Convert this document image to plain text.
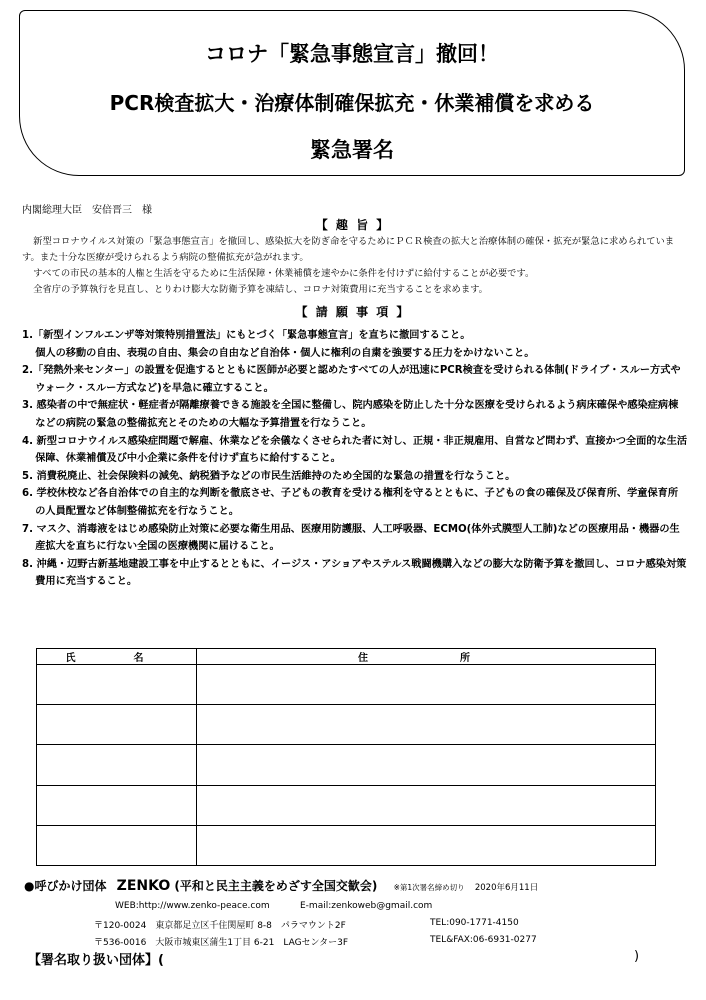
コロナ「緊急事態宣言」撤回！
PCR検査拡大・治療体制確保拡充・休業補償を求める
緊急署名
内閣総理大臣　安倍晋三　様
【 趣 旨 】

新型コロナウイルス対策の「緊急事態宣言」を撤回し、感染拡大を防ぎ命を守るためにＰＣＲ検査の拡大と治療体制の確保・拡充が緊急に求められています。また十分な医療が受けられるよう病院の整備拡充が急がれます。

すべての市民の基本的人権と生活を守るために生活保障・休業補償を速やかに条件を付けずに給付することが必要です。

全省庁の予算執行を見直し、とりわけ膨大な防衛予算を凍結し、コロナ対策費用に充当することを求めます。

【 請 願 事 項 】
1.「新型インフルエンザ等対策特別措置法」にもとづく「緊急事態宣言」を直ちに撤回すること。
個人の移動の自由、表現の自由、集会の自由など自治体・個人に権利の自粛を強要する圧力をかけないこと。
2.「発熱外来センター」の設置を促進するとともに医師が必要と認めたすべての人が迅速にPCR検査を受けられる体制(ドライブ・スルー方式やウォーク・スルー方式など)を早急に確立すること。
3. 感染者の中で無症状・軽症者が隔離療養できる施設を全国に整備し、院内感染を防止した十分な医療を受けられるよう病床確保や感染症病棟などの病院の緊急の整備拡充とそのための大幅な予算措置を行なうこと。
4. 新型コロナウイルス感染症問題で解雇、休業などを余儀なくさせられた者に対し、正規・非正規雇用、自営など問わず、直接かつ全面的な生活保障、休業補償及び中小企業に条件を付けず直ちに給付すること。
5. 消費税廃止、社会保険料の減免、納税猶予などの市民生活維持のため全国的な緊急の措置を行なうこと。
6. 学校休校など各自治体での自主的な判断を徹底させ、子どもの教育を受ける権利を守るとともに、子どもの食の確保及び保育所、学童保育所の人員配置など体制整備拡充を行なうこと。
7. マスク、消毒液をはじめ感染防止対策に必要な衛生用品、医療用防護服、人工呼吸器、ECMO(体外式膜型人工肺)などの医療用品・機器の生産拡大を直ちに行ない全国の医療機関に届けること。
8. 沖縄・辺野古新基地建設工事を中止するとともに、イージス・アショアやステルス戦闘機購入などの膨大な防衛予算を撤回し、コロナ感染対策費用に充当すること。
氏　名	住　　所

●呼びかけ団体 ZENKO (平和と民主主義をめざす全国交歓会) ※第1次署名締め切り 2020年6月11日
WEB:http://www.zenko-peace.com	E-mail:zenkoweb@gmail.com
〒120-0024　東京都足立区千住関屋町 8-8　パラマウント2F	TEL:090-1771-4150
〒536-0016　大阪市城東区蒲生1丁目 6-21　LAGセンター3F	TEL&FAX:06-6931-0277
【署名取り扱い団体】(	)
